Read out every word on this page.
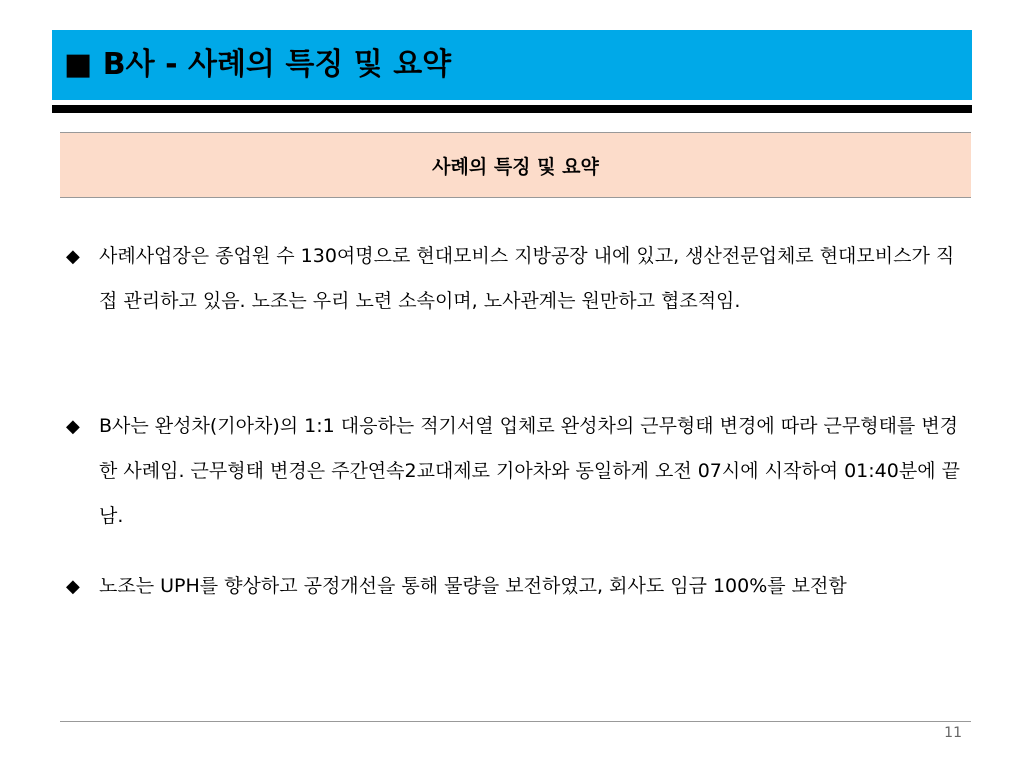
■ B사 - 사례의 특징 및 요약
사례의 특징 및 요약
◆ 사례사업장은 종업원 수 130여명으로 현대모비스 지방공장 내에 있고, 생산전문업체로 현대모비스가 직접 관리하고 있음. 노조는 우리 노련 소속이며, 노사관계는 원만하고 협조적임.
◆ B사는 완성차(기아차)의 1:1 대응하는 적기서열 업체로 완성차의 근무형태 변경에 따라 근무형태를 변경한 사례임. 근무형태 변경은 주간연속2교대제로 기아차와 동일하게 오전 07시에 시작하여 01:40분에 끝남.
◆ 노조는 UPH를 향상하고 공정개선을 통해 물량을 보전하였고, 회사도 임금 100%를 보전함
11
